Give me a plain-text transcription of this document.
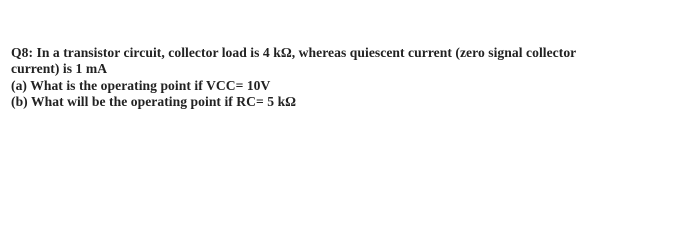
Q8: In a transistor circuit, collector load is 4 kΩ, whereas quiescent current (zero signal collector
current) is 1 mA
(a) What is the operating point if VCC= 10V
(b) What will be the operating point if RC= 5 kΩ
